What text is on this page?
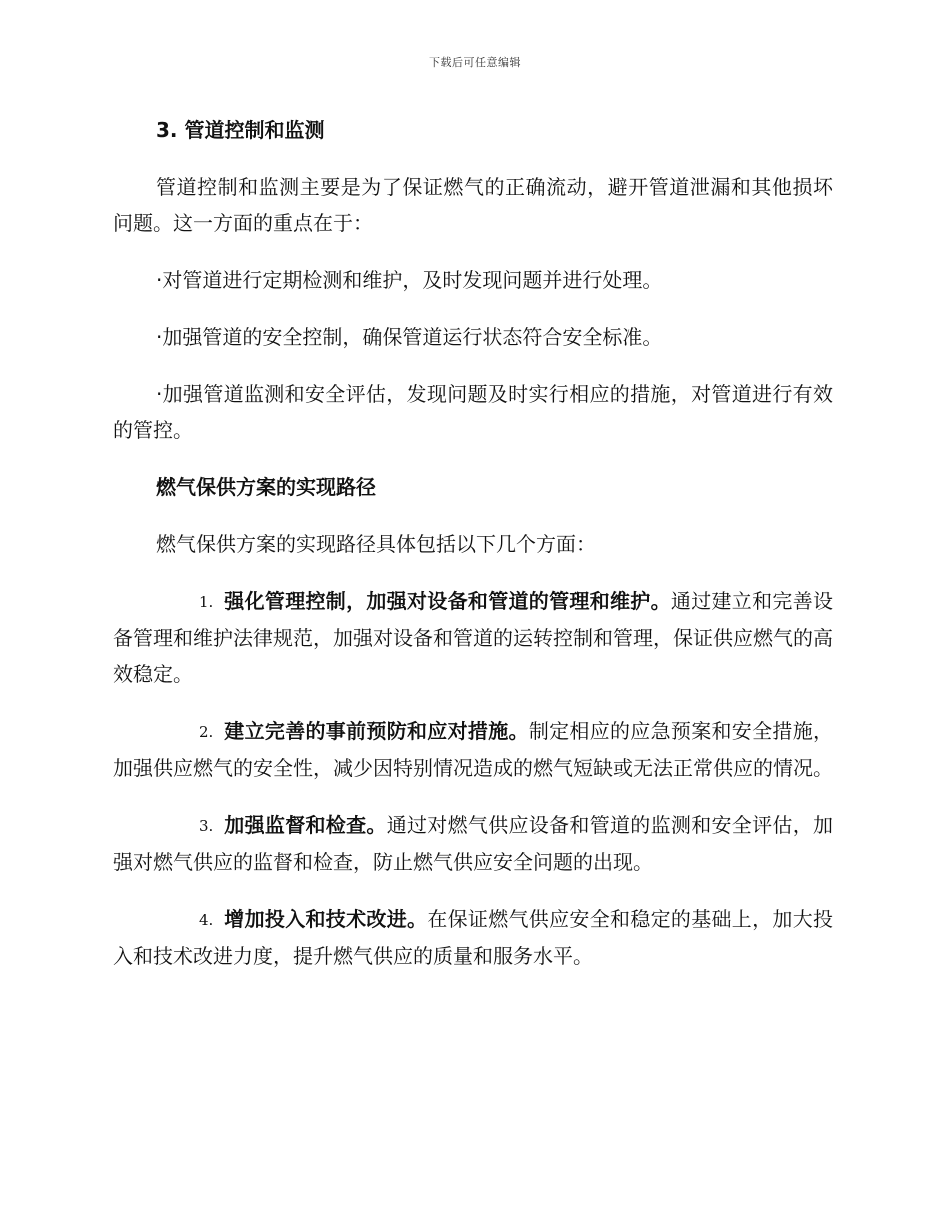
下载后可任意编辑

3. 管道控制和监测

管道控制和监测主要是为了保证燃气的正确流动，避开管道泄漏和其他损坏问题。这一方面的重点在于：

·对管道进行定期检测和维护，及时发现问题并进行处理。

·加强管道的安全控制，确保管道运行状态符合安全标准。

·加强管道监测和安全评估，发现问题及时实行相应的措施，对管道进行有效的管控。

燃气保供方案的实现路径

燃气保供方案的实现路径具体包括以下几个方面：

1. 强化管理控制，加强对设备和管道的管理和维护。通过建立和完善设备管理和维护法律规范，加强对设备和管道的运转控制和管理，保证供应燃气的高效稳定。

2. 建立完善的事前预防和应对措施。制定相应的应急预案和安全措施，加强供应燃气的安全性，减少因特别情况造成的燃气短缺或无法正常供应的情况。

3. 加强监督和检查。通过对燃气供应设备和管道的监测和安全评估，加强对燃气供应的监督和检查，防止燃气供应安全问题的出现。

4. 增加投入和技术改进。在保证燃气供应安全和稳定的基础上，加大投入和技术改进力度，提升燃气供应的质量和服务水平。
